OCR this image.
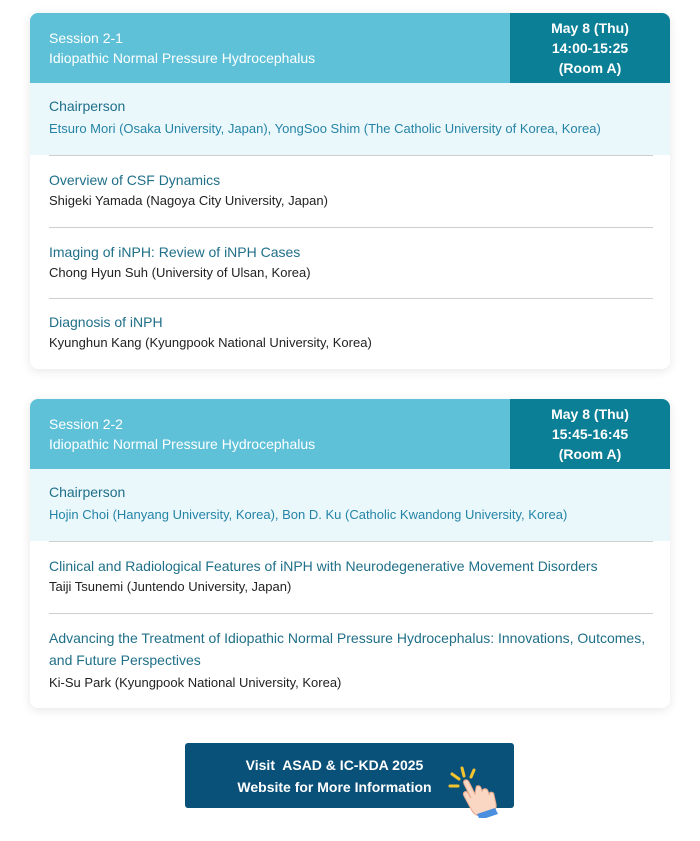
Session 2-1
Idiopathic Normal Pressure Hydrocephalus
May 8 (Thu)
14:00-15:25
(Room A)
Chairperson
Etsuro Mori (Osaka University, Japan), YongSoo Shim (The Catholic University of Korea, Korea)
Overview of CSF Dynamics
Shigeki Yamada (Nagoya City University, Japan)
Imaging of iNPH: Review of iNPH Cases
Chong Hyun Suh (University of Ulsan, Korea)
Diagnosis of iNPH
Kyunghun Kang (Kyungpook National University, Korea)
Session 2-2
Idiopathic Normal Pressure Hydrocephalus
May 8 (Thu)
15:45-16:45
(Room A)
Chairperson
Hojin Choi (Hanyang University, Korea), Bon D. Ku (Catholic Kwandong University, Korea)
Clinical and Radiological Features of iNPH with Neurodegenerative Movement Disorders
Taiji Tsunemi (Juntendo University, Japan)
Advancing the Treatment of Idiopathic Normal Pressure Hydrocephalus: Innovations, Outcomes, and Future Perspectives
Ki-Su Park (Kyungpook National University, Korea)
Visit  ASAD & IC-KDA 2025
Website for More Information
